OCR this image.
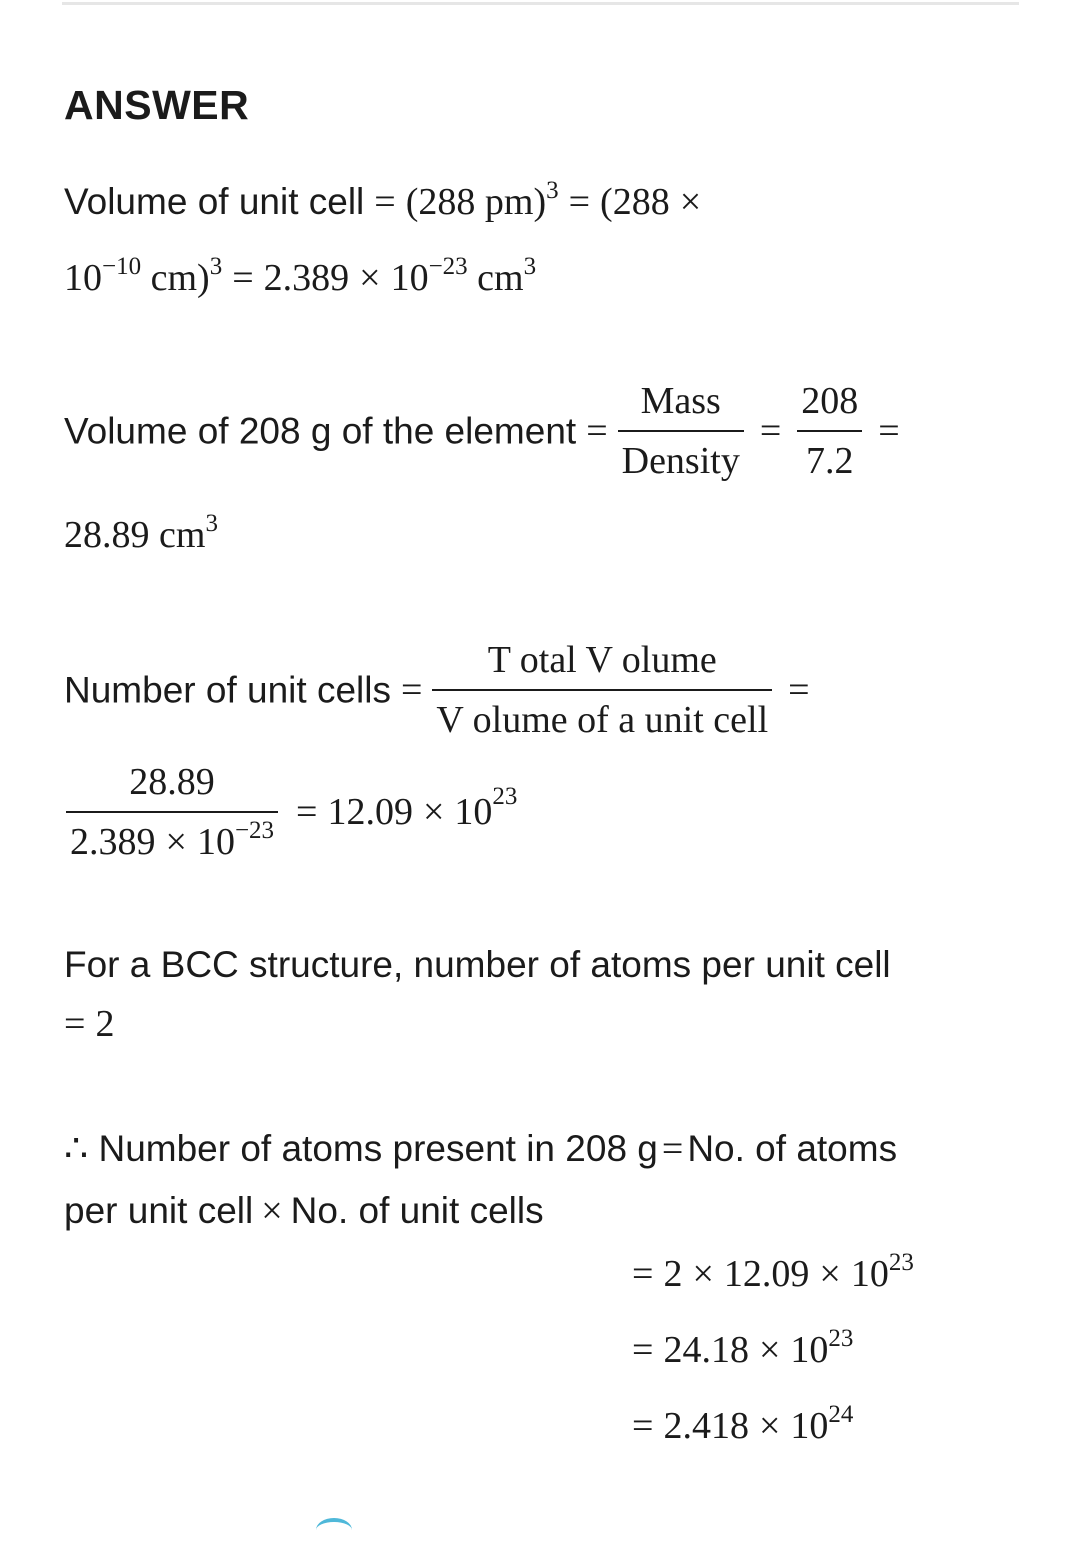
ANSWER
Volume of unit cell = (288 pm)$^3$ = (288 ×
$10^{-10}$ $cm)^3 = 2.389 \times 10^{-23}$ $cm^3$
Volume of 208 g of the element = $\frac{\text{Mass}}{\text{Density}} = \frac{208}{7.2}$ =
28.89 $cm^3$
Number of unit cells = $\frac{\text{T otal V olume}}{\text{V olume of a unit cell}}$ =
$\frac{28.89}{2.389 \times 10^{-23}} = 12.09 \times 10^{23}$
For a BCC structure, number of atoms per unit cell
= 2
∴ Number of atoms present in 208 g = No. of atoms
per unit cell × No. of unit cells
= $2 \times 12.09 \times 10^{23}$
= $24.18 \times 10^{23}$
= $2.418 \times 10^{24}$
